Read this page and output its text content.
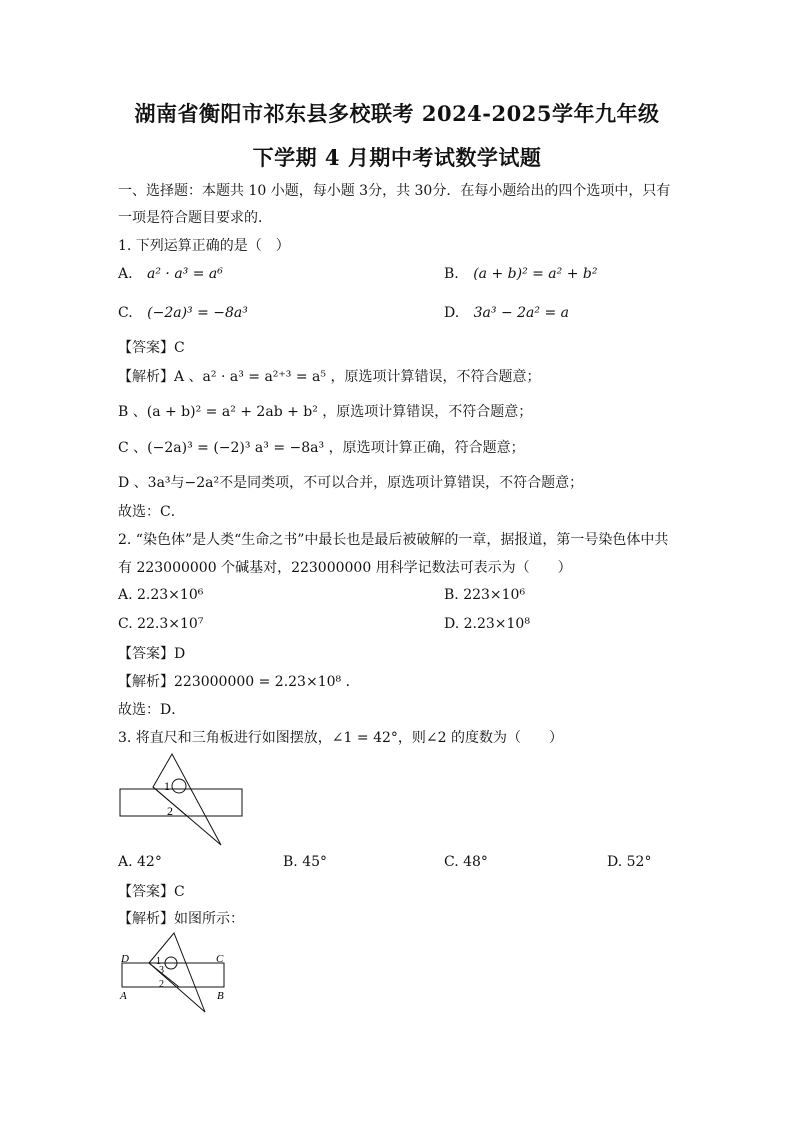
湖南省衡阳市祁东县多校联考 2024-2025学年九年级
下学期 4 月期中考试数学试题
一、选择题：本题共 10 小题，每小题 3分，共 30分．在每小题给出的四个选项中，只有
一项是符合题目要求的．
1. 下列运算正确的是（　）
A. a² · a³ = a⁶	B. (a + b)² = a² + b²
C. (−2a)³ = −8a³	D. 3a³ − 2a² = a
【答案】C
【解析】A 、a² · a³ = a²⁺³ = a⁵ ，原选项计算错误，不符合题意；
B 、(a + b)² = a² + 2ab + b² ，原选项计算错误，不符合题意；
C 、(−2a)³ = (−2)³ a³ = −8a³ ，原选项计算正确，符合题意；
D 、3a³与−2a²不是同类项，不可以合并，原选项计算错误，不符合题意；
故选：C．
2. “染色体”是人类“生命之书”中最长也是最后被破解的一章，据报道，第一号染色体中共
有 223000000 个碱基对，223000000 用科学记数法可表示为（　　）
A. 2.23×10⁶	B. 223×10⁶
C. 22.3×10⁷	D. 2.23×10⁸
【答案】D
【解析】223000000 = 2.23×10⁸ ．
故选：D．
3. 将直尺和三角板进行如图摆放，∠1 = 42°，则∠2 的度数为（　　）
1
2
A. 42°	B. 45°	C. 48°	D. 52°
【答案】C
【解析】如图所示：
D	C
A	B
1
3
2
